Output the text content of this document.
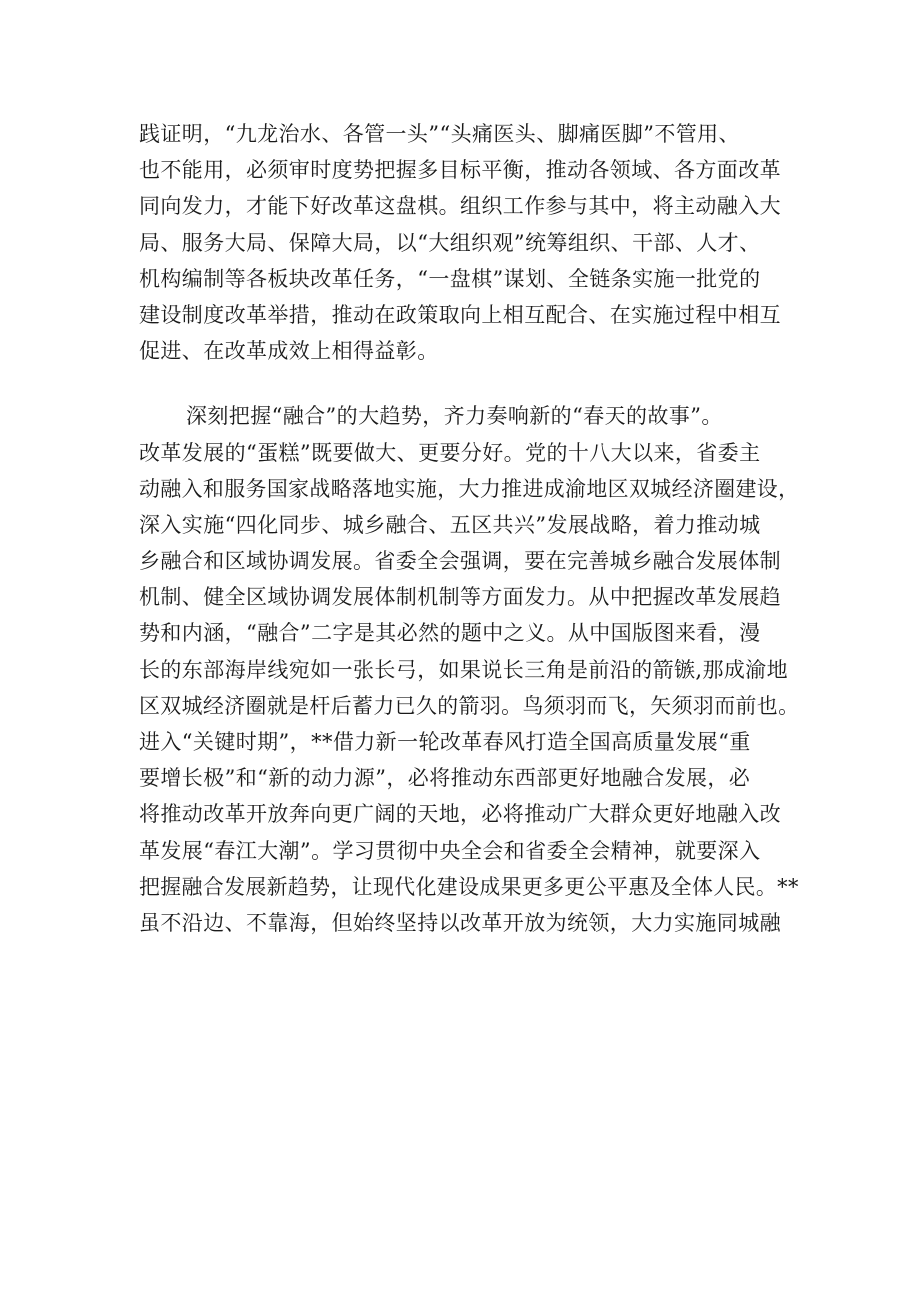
践证明，“九龙治水、各管一头”“头痛医头、脚痛医脚”不管用、
也不能用，必须审时度势把握多目标平衡，推动各领域、各方面改革
同向发力，才能下好改革这盘棋。组织工作参与其中，将主动融入大
局、服务大局、保障大局，以“大组织观”统筹组织、干部、人才、
机构编制等各板块改革任务，“一盘棋”谋划、全链条实施一批党的
建设制度改革举措，推动在政策取向上相互配合、在实施过程中相互
促进、在改革成效上相得益彰。
深刻把握“融合”的大趋势，齐力奏响新的“春天的故事”。
改革发展的“蛋糕”既要做大、更要分好。党的十八大以来，省委主
动融入和服务国家战略落地实施，大力推进成渝地区双城经济圈建设，
深入实施“四化同步、城乡融合、五区共兴”发展战略，着力推动城
乡融合和区域协调发展。省委全会强调，要在完善城乡融合发展体制
机制、健全区域协调发展体制机制等方面发力。从中把握改革发展趋
势和内涵，“融合”二字是其必然的题中之义。从中国版图来看，漫
长的东部海岸线宛如一张长弓，如果说长三角是前沿的箭镞,那成渝地
区双城经济圈就是杆后蓄力已久的箭羽。鸟须羽而飞，矢须羽而前也。
进入“关键时期”，**借力新一轮改革春风打造全国高质量发展“重
要增长极”和“新的动力源”，必将推动东西部更好地融合发展，必
将推动改革开放奔向更广阔的天地，必将推动广大群众更好地融入改
革发展“春江大潮”。学习贯彻中央全会和省委全会精神，就要深入
把握融合发展新趋势，让现代化建设成果更多更公平惠及全体人民。**
虽不沿边、不靠海，但始终坚持以改革开放为统领，大力实施同城融
